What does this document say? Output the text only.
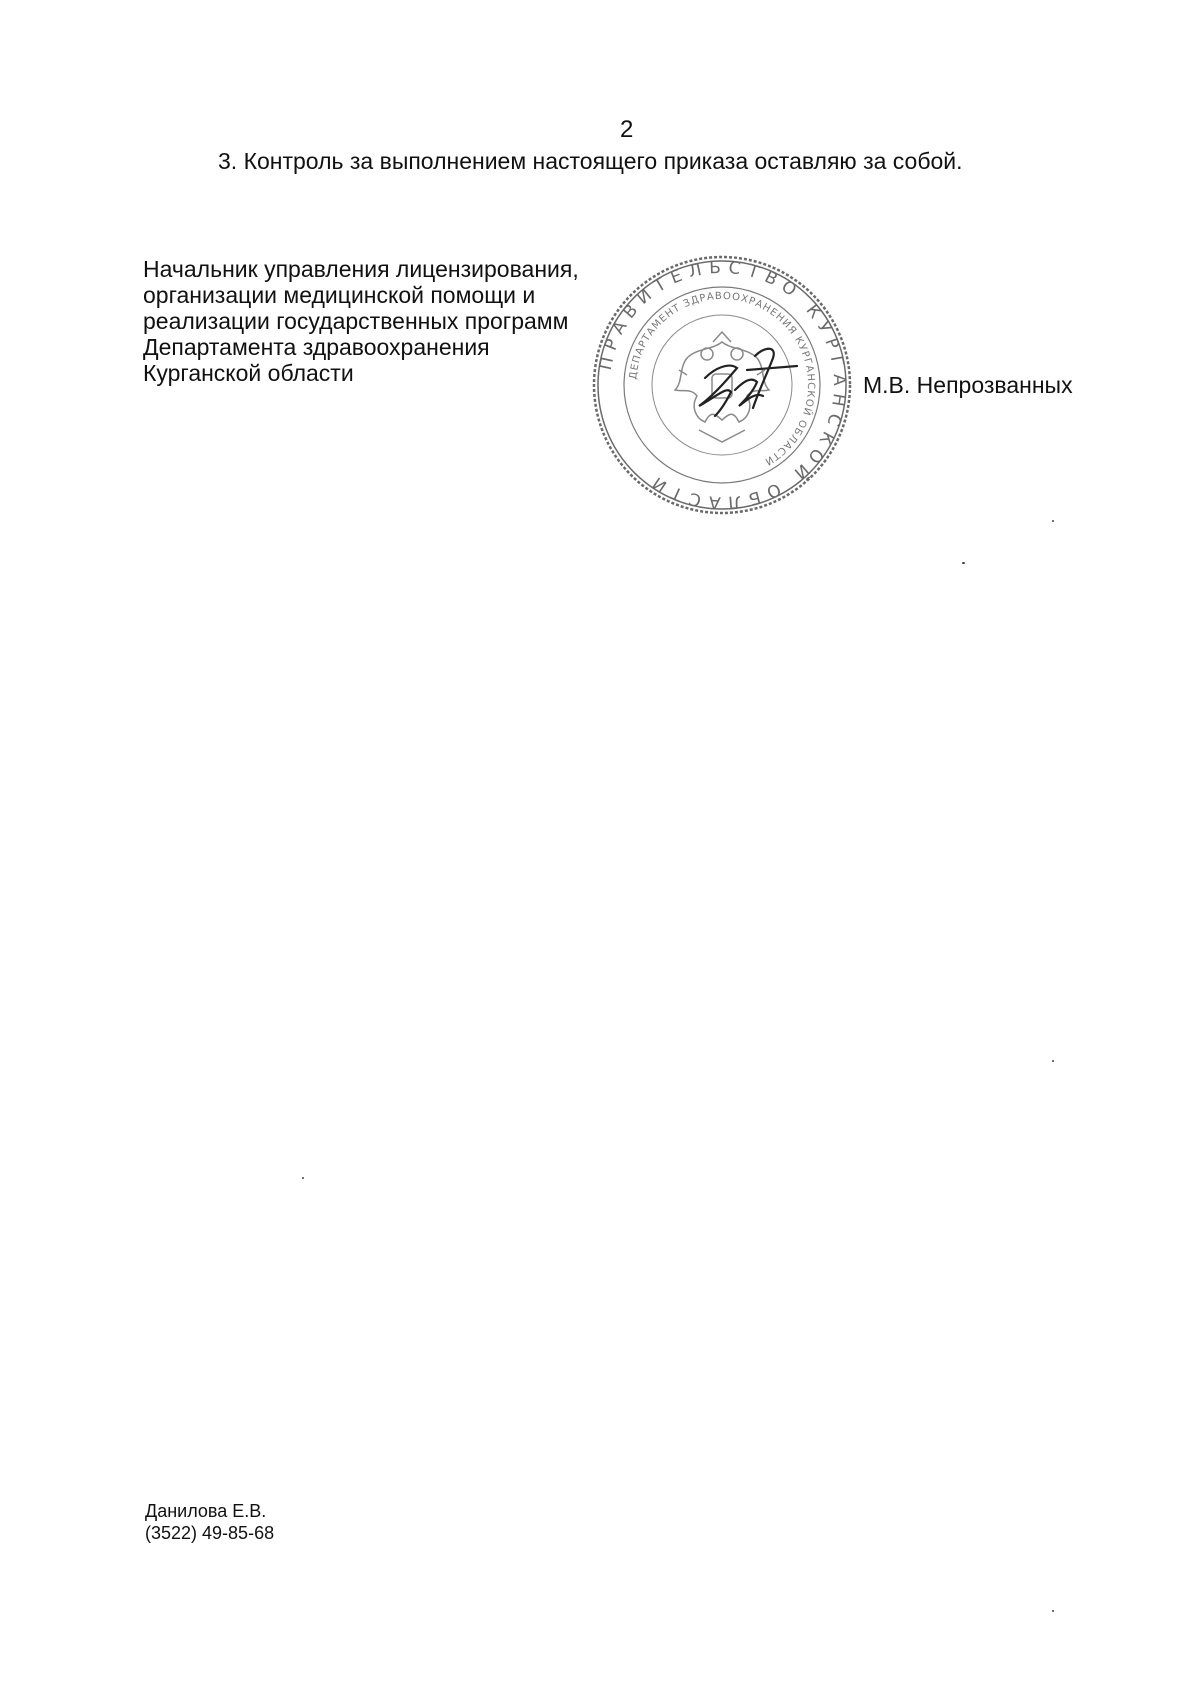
2
3. Контроль за выполнением настоящего приказа оставляю за собой.
Начальник управления лицензирования,
организации медицинской помощи и
реализации государственных программ
Департамента здравоохранения
Курганской области	ПРАВИТЕЛЬСТВО КУРГАНСКОЙ ОБЛАСТИ
ДЕПАРТАМЕНТ ЗДРАВООХРАНЕНИЯ КУРГАНСКОЙ ОБЛАСТИ
М.В. Непрозванных
Данилова Е.В.
(3522) 49-85-68
